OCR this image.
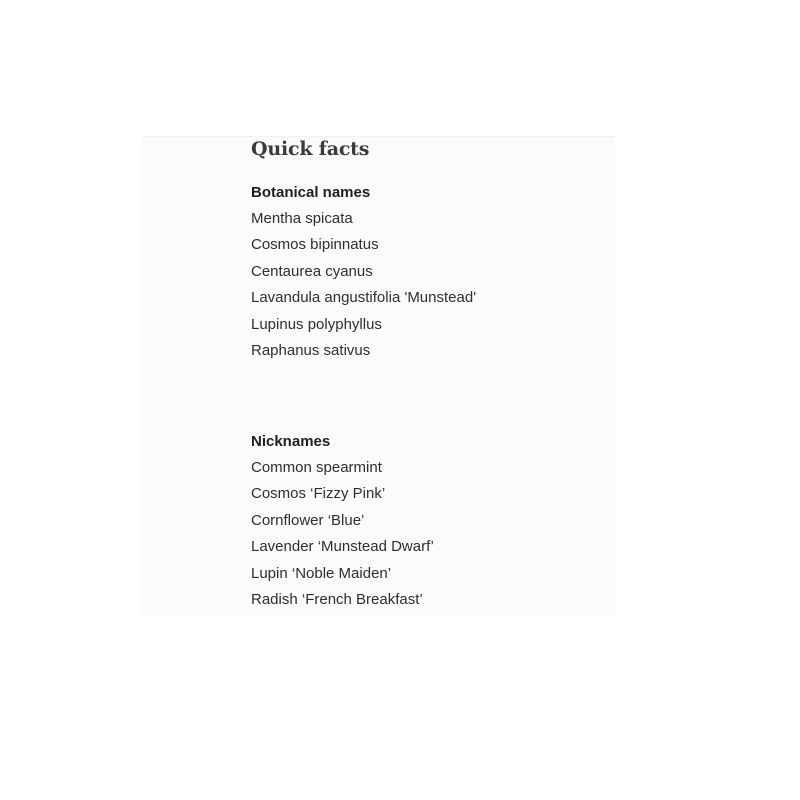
Quick facts
Botanical names
Mentha spicata
Cosmos bipinnatus
Centaurea cyanus
Lavandula angustifolia 'Munstead'
Lupinus polyphyllus
Raphanus sativus
Nicknames
Common spearmint
Cosmos ‘Fizzy Pink’
Cornflower ‘Blue’
Lavender ‘Munstead Dwarf’
Lupin ‘Noble Maiden’
Radish ‘French Breakfast’
